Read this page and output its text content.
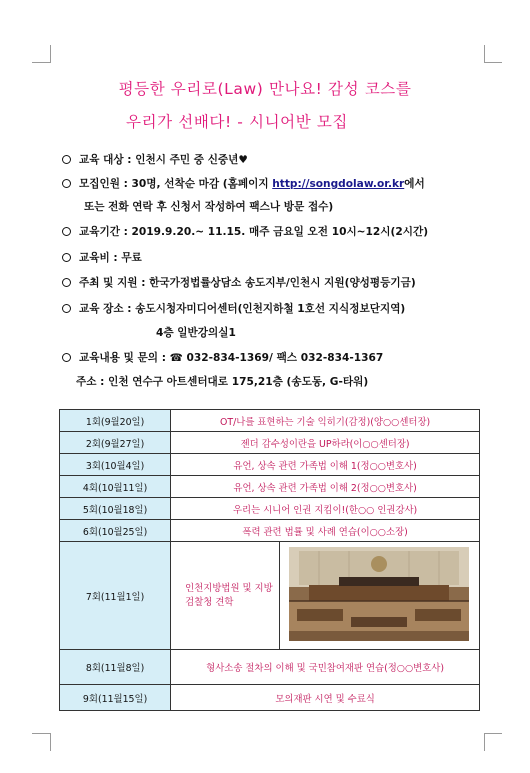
평등한 우리로(Law) 만나요! 감성 코스를
우리가 선배다! - 시니어반 모집
교육 대상 : 인천시 주민 중 신중년♥
모집인원 : 30명, 선착순 마감 (홈페이지 http://songdolaw.or.kr에서
또는 전화 연락 후 신청서 작성하여 팩스나 방문 접수)
교육기간 : 2019.9.20.~ 11.15. 매주 금요일 오전 10시~12시(2시간)
교육비 : 무료
주최 및 지원 : 한국가정법률상담소 송도지부/인천시 지원(양성평등기금)
교육 장소 : 송도시청자미디어센터(인천지하철 1호선 지식정보단지역)
4층 일반강의실1
교육내용 및 문의 : ☎ 032-834-1369/ 팩스 032-834-1367
주소 : 인천 연수구 아트센터대로 175,21층 (송도동, G-타워)
1회(9월20일)	OT/나를 표현하는 기술 익히기(감정)(양○○센터장)	
2회(9월27일)	젠더 감수성이란을 UP하라(이○○센터장)	
3회(10월4일)	유언, 상속 관련 가족법 이해 1(정○○변호사)	
4회(10월11일)	유언, 상속 관련 가족법 이해 2(정○○변호사)	
5회(10월18일)	우리는 시니어 인권 지킴이!(한○○ 인권강사)	
6회(10월25일)	폭력 관련 법률 및 사례 연습(이○○소장)	
7회(11월1일)	인천지방법원 및 지방검찰청 견학	
8회(11월8일)	형사소송 절차의 이해 및 국민참여재판 연습(정○○변호사)	
9회(11월15일)	모의재판 시연 및 수료식	
